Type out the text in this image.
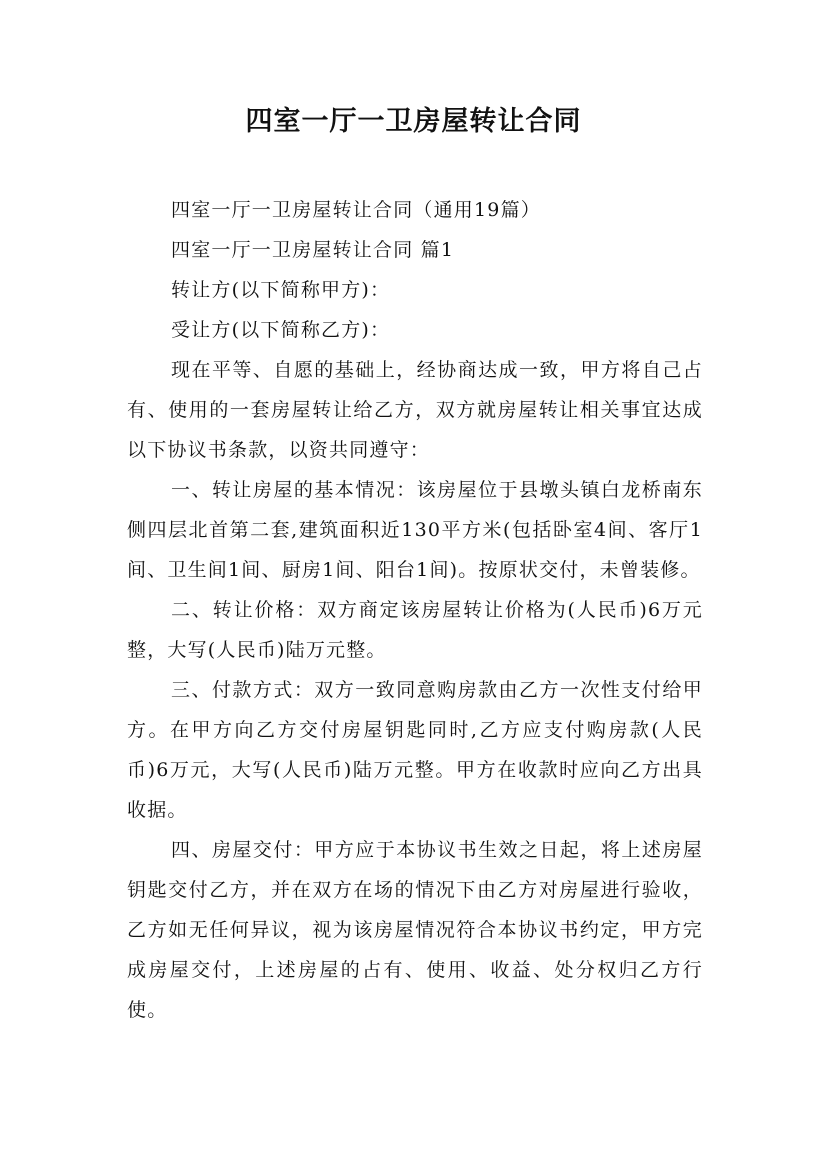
四室一厅一卫房屋转让合同

四室一厅一卫房屋转让合同（通用19篇）

四室一厅一卫房屋转让合同 篇1

转让方(以下简称甲方)：

受让方(以下简称乙方)：

现在平等、自愿的基础上，经协商达成一致，甲方将自己占有、使用的一套房屋转让给乙方，双方就房屋转让相关事宜达成以下协议书条款，以资共同遵守：

一、转让房屋的基本情况：该房屋位于县墩头镇白龙桥南东侧四层北首第二套,建筑面积近130平方米(包括卧室4间、客厅1间、卫生间1间、厨房1间、阳台1间)。按原状交付，未曾装修。

二、转让价格：双方商定该房屋转让价格为(人民币)6万元整，大写(人民币)陆万元整。

三、付款方式：双方一致同意购房款由乙方一次性支付给甲方。在甲方向乙方交付房屋钥匙同时,乙方应支付购房款(人民币)6万元，大写(人民币)陆万元整。甲方在收款时应向乙方出具收据。

四、房屋交付：甲方应于本协议书生效之日起，将上述房屋钥匙交付乙方，并在双方在场的情况下由乙方对房屋进行验收，乙方如无任何异议，视为该房屋情况符合本协议书约定，甲方完成房屋交付，上述房屋的占有、使用、收益、处分权归乙方行使。
